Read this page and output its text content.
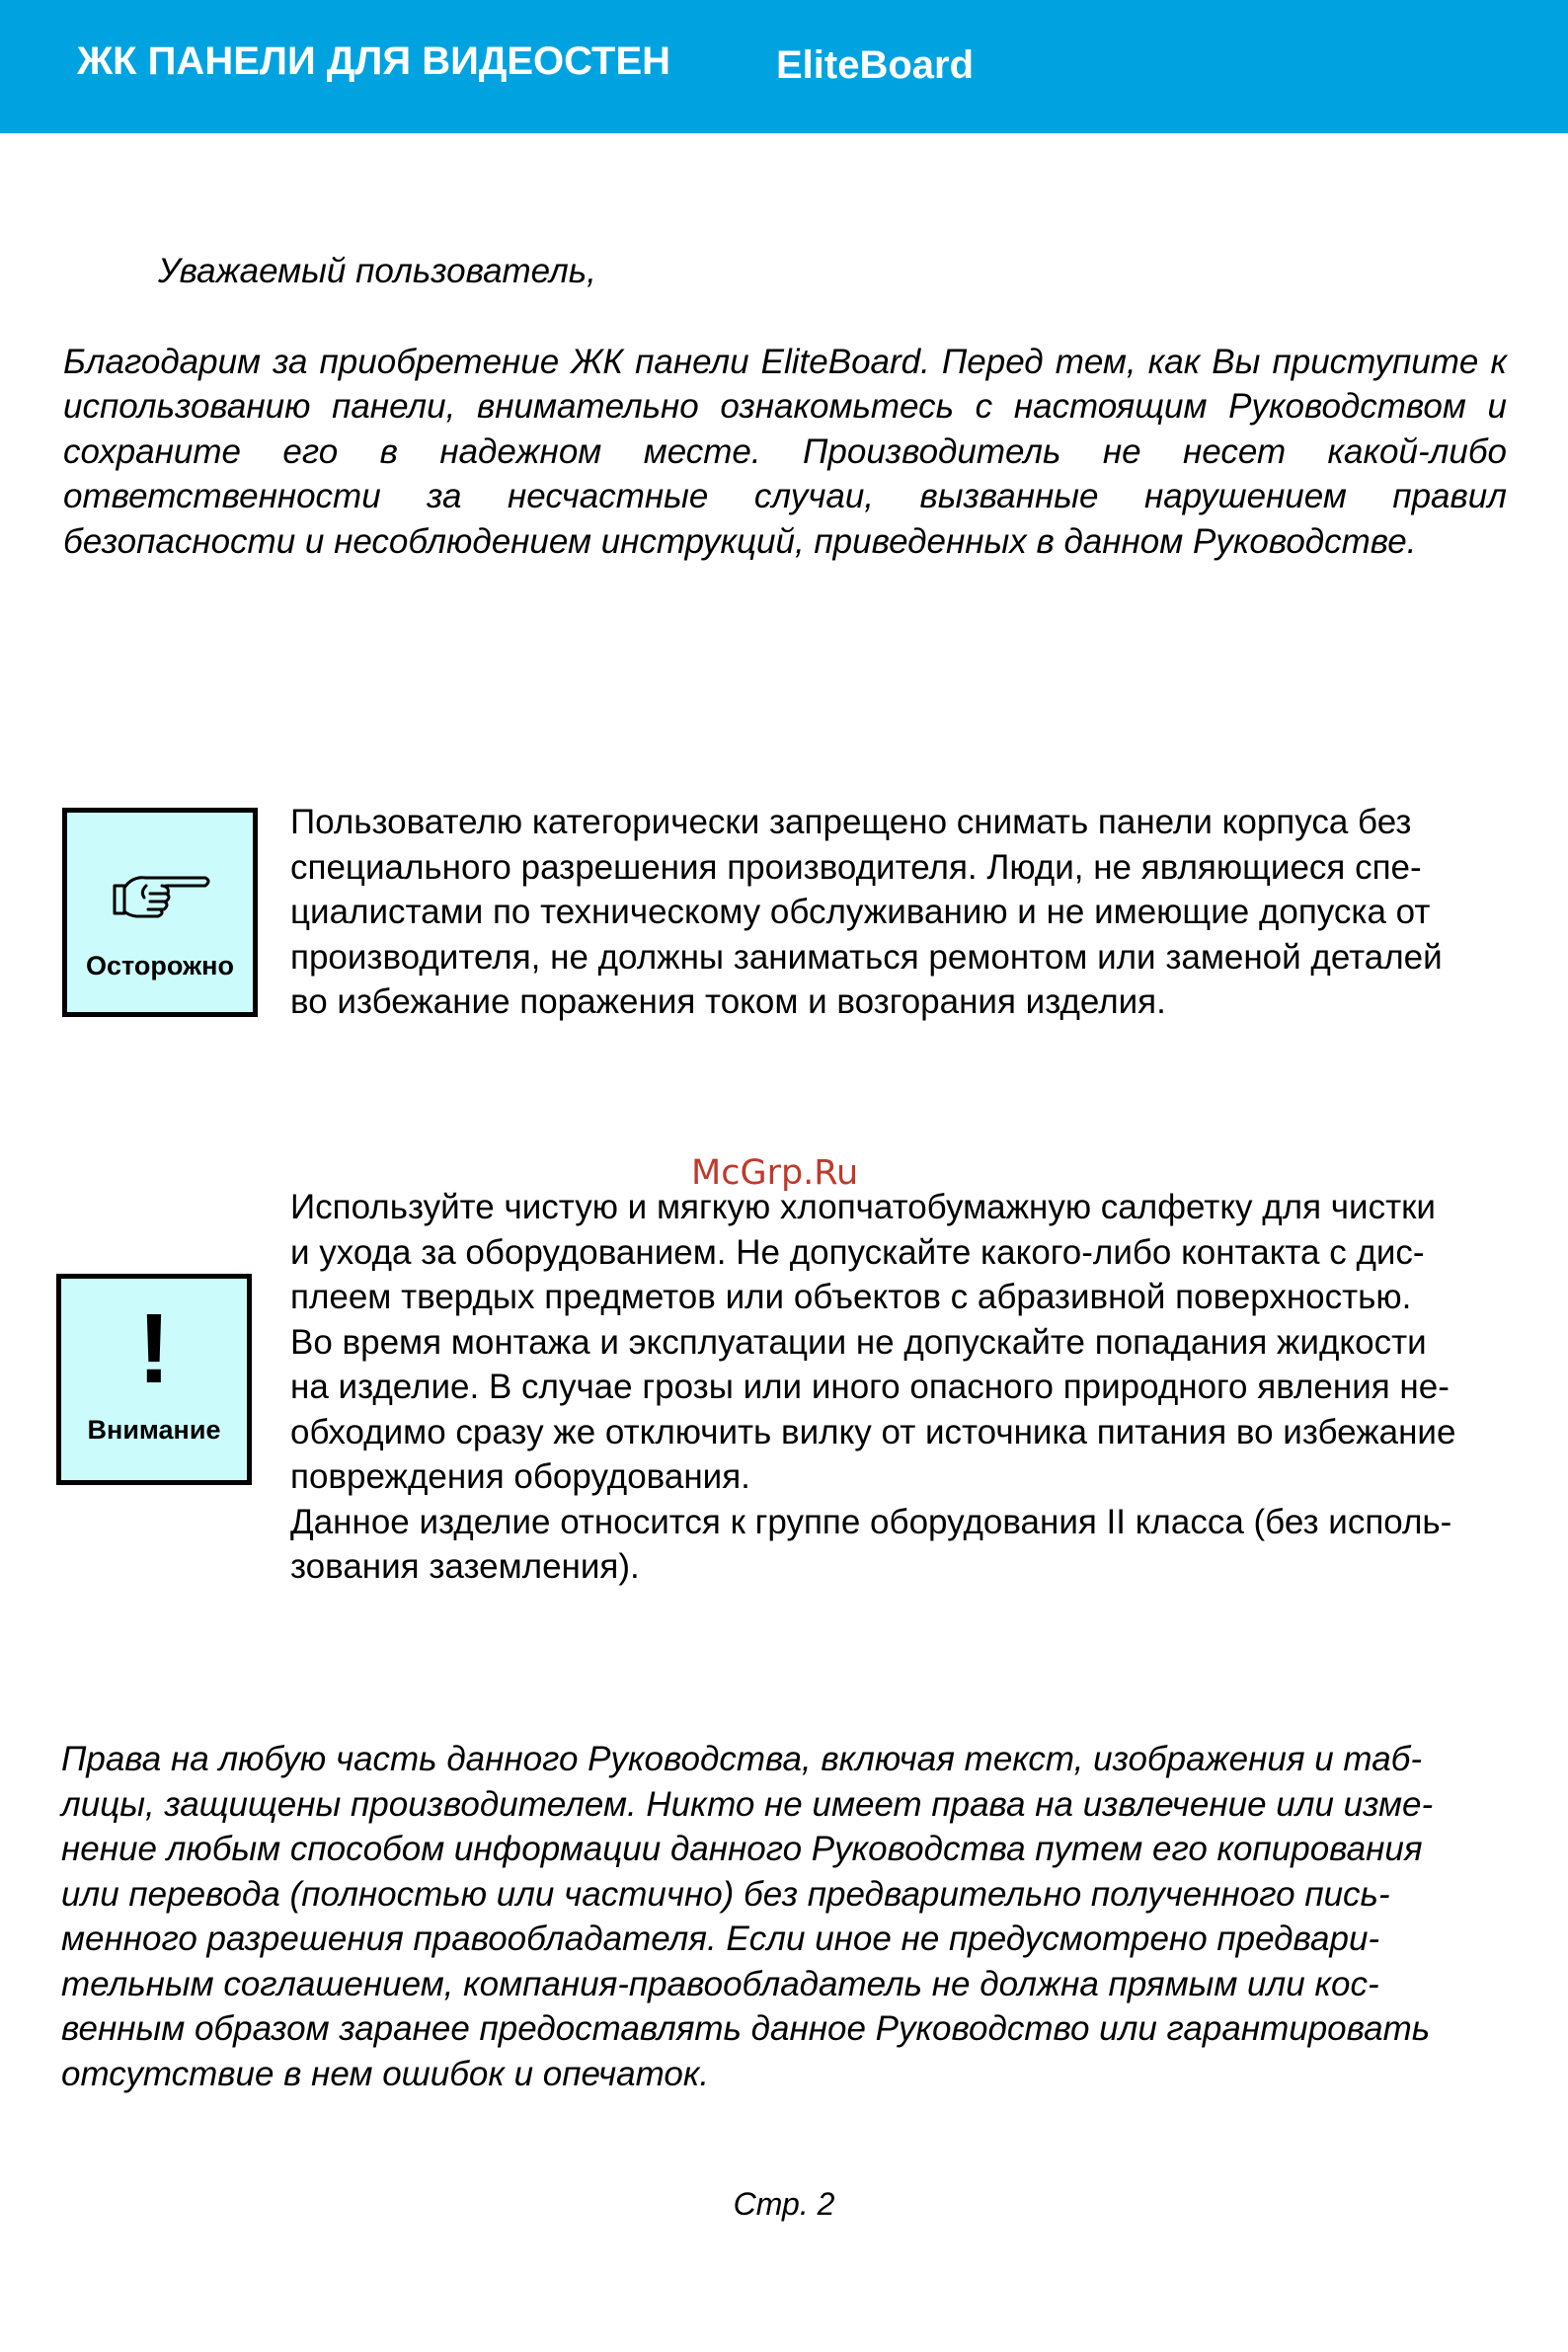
ЖК ПАНЕЛИ ДЛЯ ВИДЕОСТЕН	EliteBoard
Уважаемый пользователь,
Благодарим за приобретение ЖК панели EliteBoard. Перед тем, как Вы приступите к использованию панели, внимательно ознакомьтесь с настоящим Руководством и сохраните его в надежном месте. Производитель не несет какой-либо ответственности за несчастные случаи, вызванные нарушением правил безопасности и несоблюдением инструкций, приведенных в данном Руководстве.
Осторожно
Пользователю категорически запрещено снимать панели корпуса без
специального разрешения производителя. Люди, не являющиеся спе-
циалистами по техническому обслуживанию и не имеющие допуска от
производителя, не должны заниматься ремонтом или заменой деталей
во избежание поражения током и возгорания изделия.
McGrp.Ru
!
Внимание
Используйте чистую и мягкую хлопчатобумажную салфетку для чистки
и ухода за оборудованием. Не допускайте какого-либо контакта с дис-
плеем твердых предметов или объектов с абразивной поверхностью.
Во время монтажа и эксплуатации не допускайте попадания жидкости
на изделие. В случае грозы или иного опасного природного явления не-
обходимо сразу же отключить вилку от источника питания во избежание
повреждения оборудования.
Данное изделие относится к группе оборудования II класса (без исполь-
зования заземления).
Права на любую часть данного Руководства, включая текст, изображения и таб-
лицы, защищены производителем. Никто не имеет права на извлечение или изме-
нение любым способом информации данного Руководства путем его копирования
или перевода (полностью или частично) без предварительно полученного пись-
менного разрешения правообладателя. Если иное не предусмотрено предвари-
тельным соглашением, компания-правообладатель не должна прямым или кос-
венным образом заранее предоставлять данное Руководство или гарантировать
отсутствие в нем ошибок и опечаток.
Стр. 2
